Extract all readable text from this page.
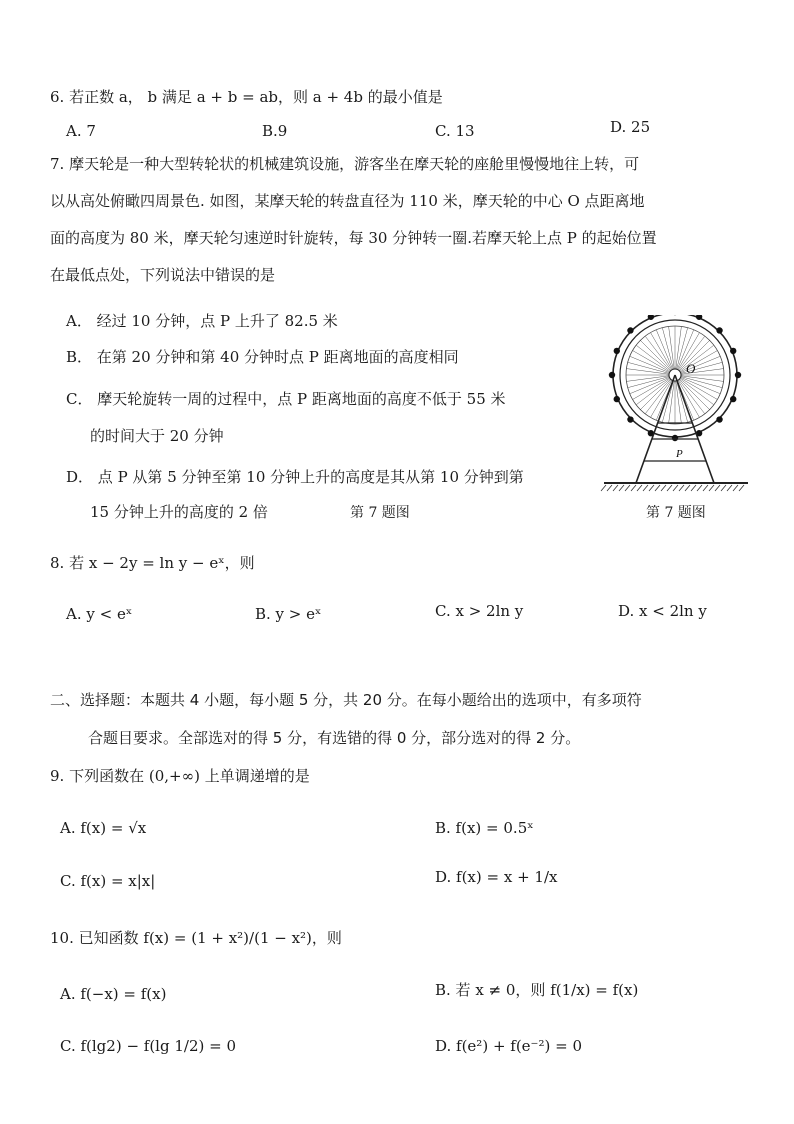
6. 若正数 a， b 满足 a + b = ab，则 a + 4b 的最小值是
A. 7	B.9	C. 13	D. 25
7. 摩天轮是一种大型转轮状的机械建筑设施，游客坐在摩天轮的座舱里慢慢地往上转，可
以从高处俯瞰四周景色. 如图，某摩天轮的转盘直径为 110 米，摩天轮的中心 O 点距离地
面的高度为 80 米，摩天轮匀速逆时针旋转，每 30 分钟转一圈.若摩天轮上点 P 的起始位置
在最低点处，下列说法中错误的是
A． 经过 10 分钟，点 P 上升了 82.5 米
B． 在第 20 分钟和第 40 分钟时点 P 距离地面的高度相同
C． 摩天轮旋转一周的过程中，点 P 距离地面的高度不低于 55 米
的时间大于 20 分钟
D． 点 P 从第 5 分钟至第 10 分钟上升的高度是其从第 10 分钟到第
15 分钟上升的高度的 2 倍	第 7 题图
O
P
第 7 题图
8. 若 x − 2y = ln y − eˣ，则
A. y < eˣ	B. y > eˣ	C. x > 2ln y	D. x < 2ln y
二、选择题：本题共 4 小题，每小题 5 分，共 20 分。在每小题给出的选项中，有多项符
合题目要求。全部选对的得 5 分，有选错的得 0 分，部分选对的得 2 分。
9. 下列函数在 (0,+∞) 上单调递增的是
A. f(x) = √x	B. f(x) = 0.5ˣ
C. f(x) = x|x|	D. f(x) = x + 1/x
10. 已知函数 f(x) = (1 + x²)/(1 − x²)，则
A. f(−x) = f(x)	B. 若 x ≠ 0，则 f(1/x) = f(x)
C. f(lg2) − f(lg 1/2) = 0	D. f(e²) + f(e⁻²) = 0
